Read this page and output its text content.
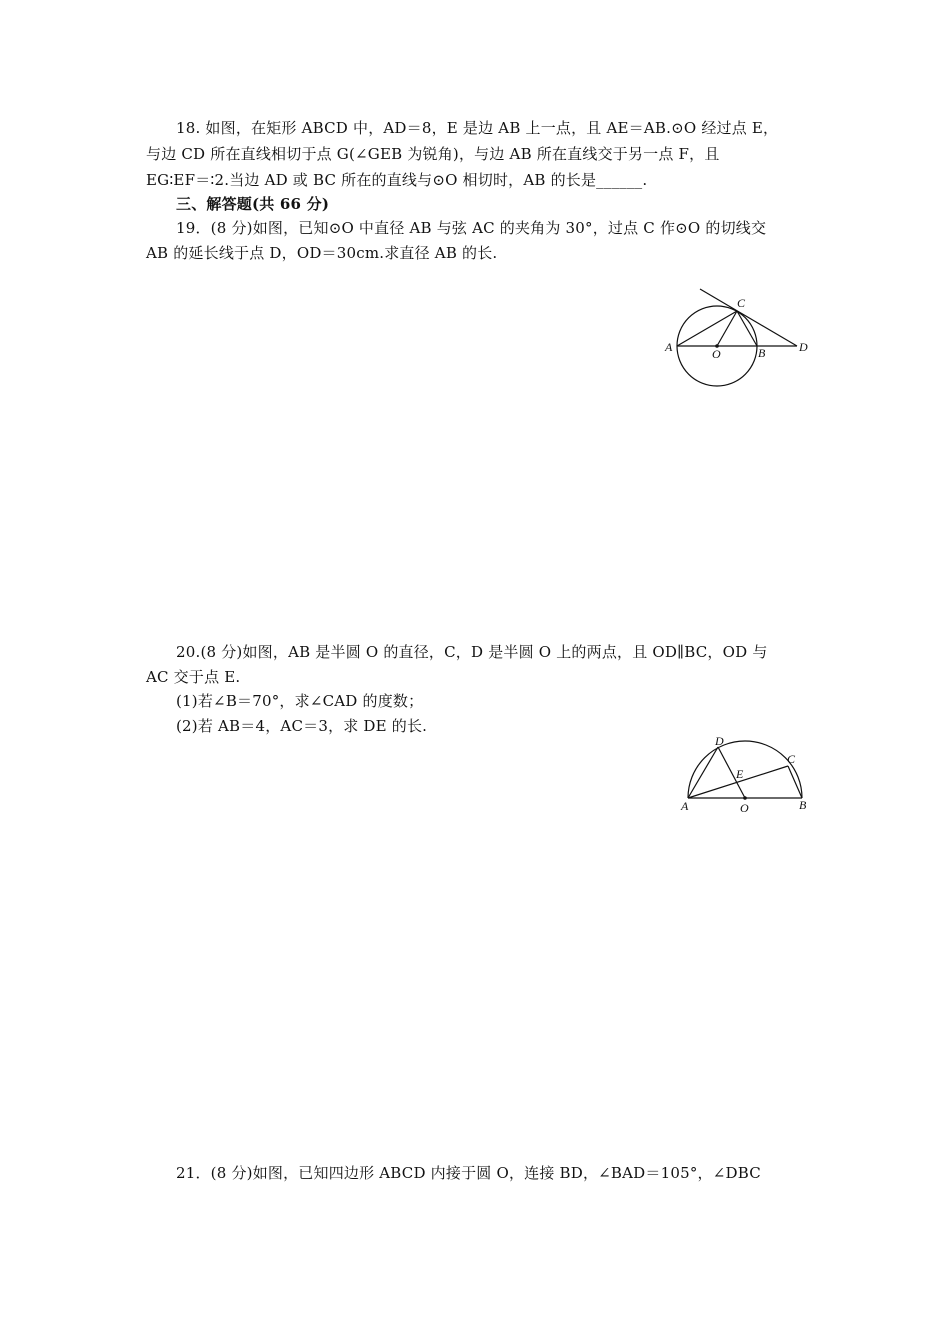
18. 如图，在矩形 ABCD 中，AD＝8，E 是边 AB 上一点，且 AE＝AB.⊙O 经过点 E，
与边 CD 所在直线相切于点 G(∠GEB 为锐角)，与边 AB 所在直线交于另一点 F，且
EG∶EF＝∶2.当边 AD 或 BC 所在的直线与⊙O 相切时，AB 的长是______.
三、解答题(共 66 分)
19．(8 分)如图，已知⊙O 中直径 AB 与弦 AC 的夹角为 30°，过点 C 作⊙O 的切线交
AB 的延长线于点 D，OD＝30cm.求直径 AB 的长.
A	O	B
C
D
20.(8 分)如图，AB 是半圆 O 的直径，C，D 是半圆 O 上的两点，且 OD∥BC，OD 与
AC 交于点 E.
(1)若∠B＝70°，求∠CAD 的度数；
(2)若 AB＝4，AC＝3，求 DE 的长.
A	O	B
C
D
E
21．(8 分)如图，已知四边形 ABCD 内接于圆 O，连接 BD，∠BAD＝105°，∠DBC
